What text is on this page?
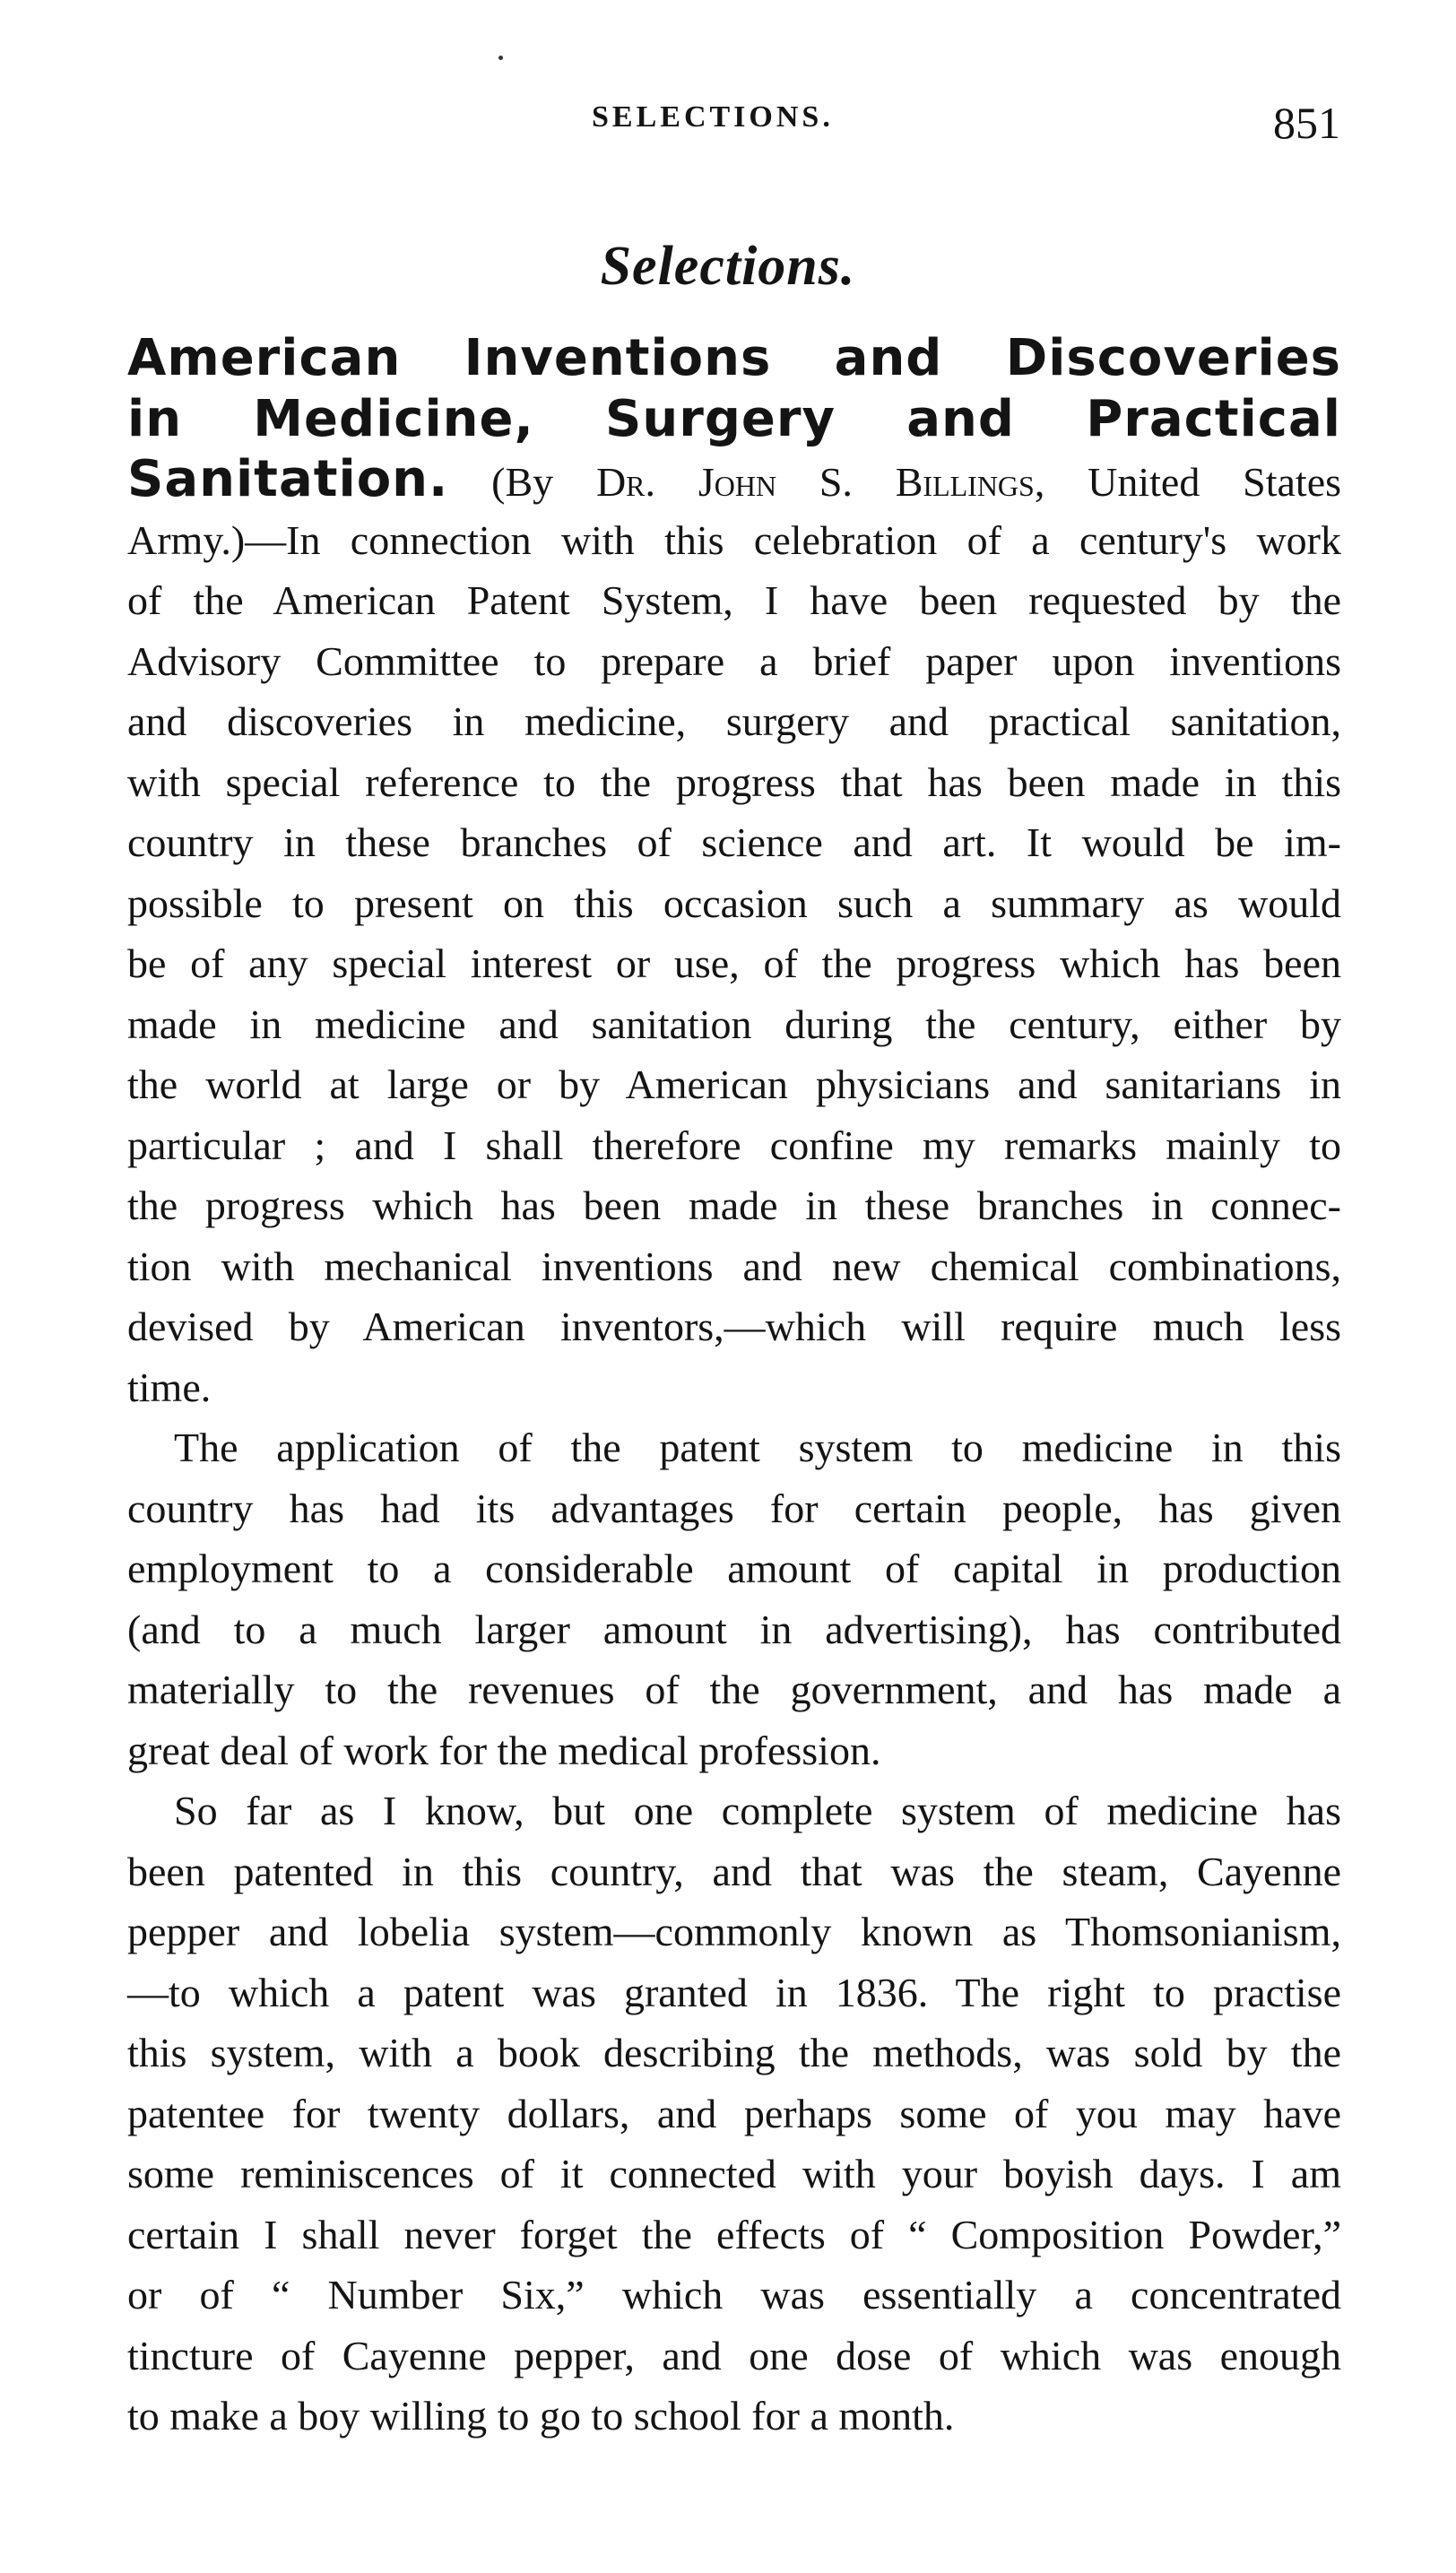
SELECTIONS.	851
Selections.
American Inventions and Discoveries
in Medicine, Surgery and Practical
Sanitation. (By Dr. John S. Billings, United States
Army.)—In connection with this celebration of a century's work
of the American Patent System, I have been requested by the
Advisory Committee to prepare a brief paper upon inventions
and discoveries in medicine, surgery and practical sanitation,
with special reference to the progress that has been made in this
country in these branches of science and art. It would be im-
possible to present on this occasion such a summary as would
be of any special interest or use, of the progress which has been
made in medicine and sanitation during the century, either by
the world at large or by American physicians and sanitarians in
particular ; and I shall therefore confine my remarks mainly to
the progress which has been made in these branches in connec-
tion with mechanical inventions and new chemical combinations,
devised by American inventors,—which will require much less
time.
The application of the patent system to medicine in this
country has had its advantages for certain people, has given
employment to a considerable amount of capital in production
(and to a much larger amount in advertising), has contributed
materially to the revenues of the government, and has made a
great deal of work for the medical profession.
So far as I know, but one complete system of medicine has
been patented in this country, and that was the steam, Cayenne
pepper and lobelia system—commonly known as Thomsonianism,
—to which a patent was granted in 1836. The right to practise
this system, with a book describing the methods, was sold by the
patentee for twenty dollars, and perhaps some of you may have
some reminiscences of it connected with your boyish days. I am
certain I shall never forget the effects of “ Composition Powder,”
or of “ Number Six,” which was essentially a concentrated
tincture of Cayenne pepper, and one dose of which was enough
to make a boy willing to go to school for a month.
